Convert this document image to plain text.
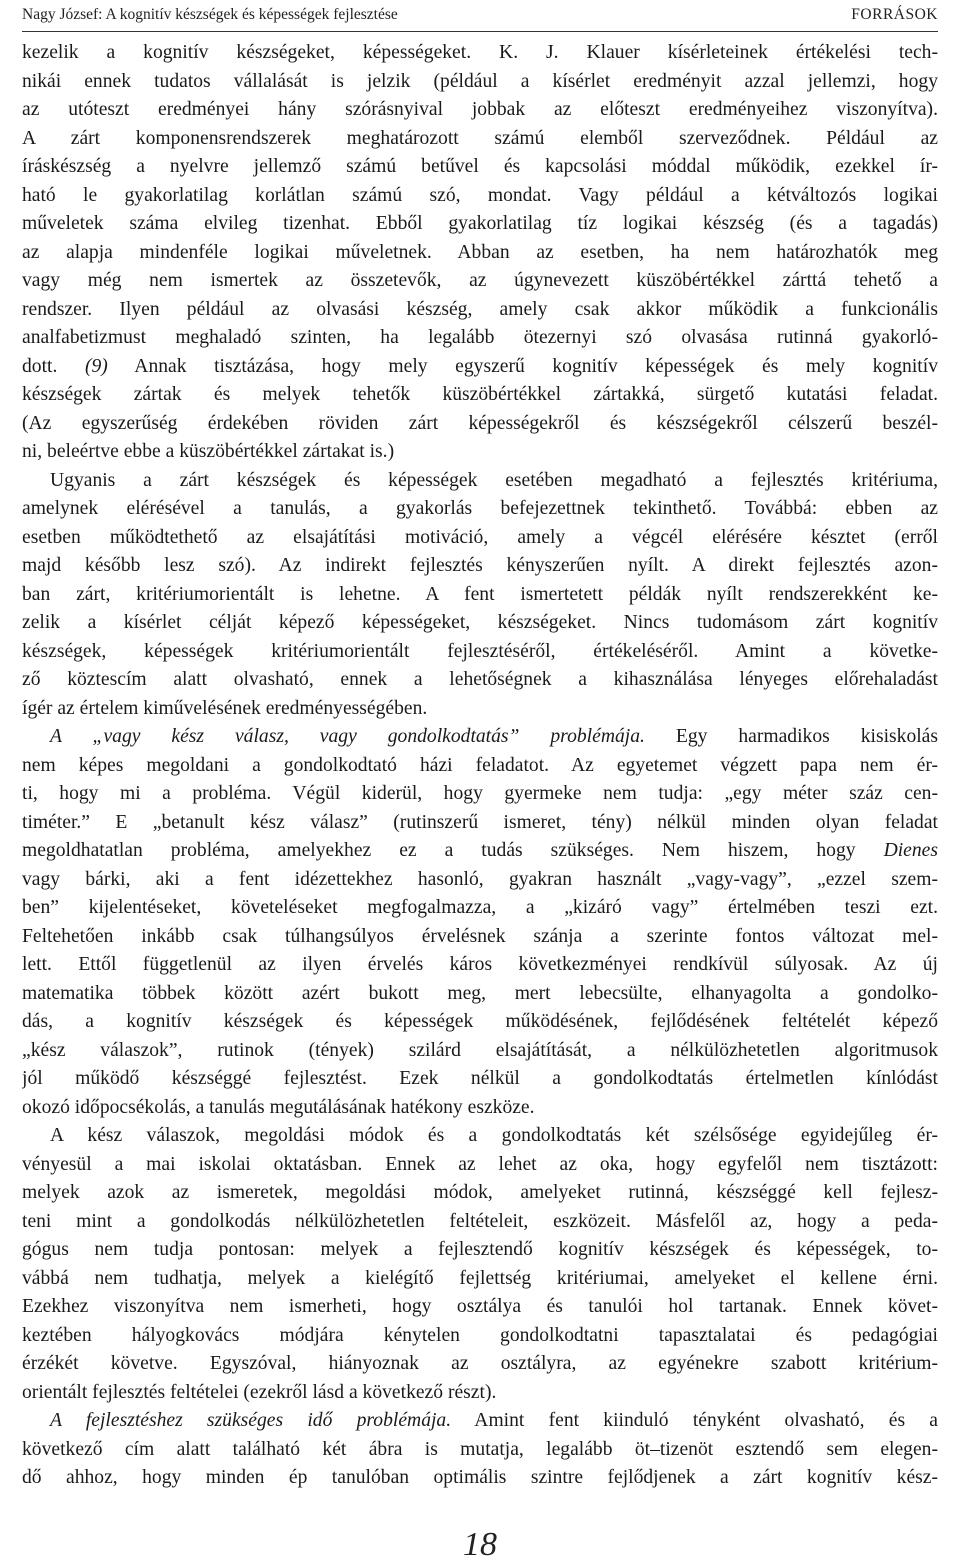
Nagy József: A kognitív készségek és képességek fejlesztése	FORRÁSOK
kezelik a kognitív készségeket, képességeket. K. J. Klauer kísérleteinek értékelési tech-
nikái ennek tudatos vállalását is jelzik (például a kísérlet eredményit azzal jellemzi, hogy
az utóteszt eredményei hány szórásnyival jobbak az előteszt eredményeihez viszonyítva).
A zárt komponensrendszerek meghatározott számú elemből szerveződnek. Például az
íráskészség a nyelvre jellemző számú betűvel és kapcsolási móddal működik, ezekkel ír-
ható le gyakorlatilag korlátlan számú szó, mondat. Vagy például a kétváltozós logikai
műveletek száma elvileg tizenhat. Ebből gyakorlatilag tíz logikai készség (és a tagadás)
az alapja mindenféle logikai műveletnek. Abban az esetben, ha nem határozhatók meg
vagy még nem ismertek az összetevők, az úgynevezett küszöbértékkel zárttá tehető a
rendszer. Ilyen például az olvasási készség, amely csak akkor működik a funkcionális
analfabetizmust meghaladó szinten, ha legalább ötezernyi szó olvasása rutinná gyakorló-
dott. (9) Annak tisztázása, hogy mely egyszerű kognitív képességek és mely kognitív
készségek zártak és melyek tehetők küszöbértékkel zártakká, sürgető kutatási feladat.
(Az egyszerűség érdekében röviden zárt képességekről és készségekről célszerű beszél-
ni, beleértve ebbe a küszöbértékkel zártakat is.)
Ugyanis a zárt készségek és képességek esetében megadható a fejlesztés kritériuma,
amelynek elérésével a tanulás, a gyakorlás befejezettnek tekinthető. Továbbá: ebben az
esetben működtethető az elsajátítási motiváció, amely a végcél elérésére késztet (erről
majd később lesz szó). Az indirekt fejlesztés kényszerűen nyílt. A direkt fejlesztés azon-
ban zárt, kritériumorientált is lehetne. A fent ismertetett példák nyílt rendszerekként ke-
zelik a kísérlet célját képező képességeket, készségeket. Nincs tudomásom zárt kognitív
készségek, képességek kritériumorientált fejlesztéséről, értékeléséről. Amint a követke-
ző köztescím alatt olvasható, ennek a lehetőségnek a kihasználása lényeges előrehaladást
ígér az értelem kiművelésének eredményességében.
A „vagy kész válasz, vagy gondolkodtatás” problémája. Egy harmadikos kisiskolás
nem képes megoldani a gondolkodtató házi feladatot. Az egyetemet végzett papa nem ér-
ti, hogy mi a probléma. Végül kiderül, hogy gyermeke nem tudja: „egy méter száz cen-
timéter.” E „betanult kész válasz” (rutinszerű ismeret, tény) nélkül minden olyan feladat
megoldhatatlan probléma, amelyekhez ez a tudás szükséges. Nem hiszem, hogy Dienes
vagy bárki, aki a fent idézettekhez hasonló, gyakran használt „vagy-vagy”, „ezzel szem-
ben” kijelentéseket, követeléseket megfogalmazza, a „kizáró vagy” értelmében teszi ezt.
Feltehetően inkább csak túlhangsúlyos érvelésnek szánja a szerinte fontos változat mel-
lett. Ettől függetlenül az ilyen érvelés káros következményei rendkívül súlyosak. Az új
matematika többek között azért bukott meg, mert lebecsülte, elhanyagolta a gondolko-
dás, a kognitív készségek és képességek működésének, fejlődésének feltételét képező
„kész válaszok”, rutinok (tények) szilárd elsajátítását, a nélkülözhetetlen algoritmusok
jól működő készséggé fejlesztést. Ezek nélkül a gondolkodtatás értelmetlen kínlódást
okozó időpocsékolás, a tanulás megutálásának hatékony eszköze.
A kész válaszok, megoldási módok és a gondolkodtatás két szélsősége egyidejűleg ér-
vényesül a mai iskolai oktatásban. Ennek az lehet az oka, hogy egyfelől nem tisztázott:
melyek azok az ismeretek, megoldási módok, amelyeket rutinná, készséggé kell fejlesz-
teni mint a gondolkodás nélkülözhetetlen feltételeit, eszközeit. Másfelől az, hogy a peda-
gógus nem tudja pontosan: melyek a fejlesztendő kognitív készségek és képességek, to-
vábbá nem tudhatja, melyek a kielégítő fejlettség kritériumai, amelyeket el kellene érni.
Ezekhez viszonyítva nem ismerheti, hogy osztálya és tanulói hol tartanak. Ennek követ-
keztében hályogkovács módjára kénytelen gondolkodtatni tapasztalatai és pedagógiai
érzékét követve. Egyszóval, hiányoznak az osztályra, az egyénekre szabott kritérium-
orientált fejlesztés feltételei (ezekről lásd a következő részt).
A fejlesztéshez szükséges idő problémája. Amint fent kiinduló tényként olvasható, és a
következő cím alatt található két ábra is mutatja, legalább öt–tizenöt esztendő sem elegen-
dő ahhoz, hogy minden ép tanulóban optimális szintre fejlődjenek a zárt kognitív kész-
18
